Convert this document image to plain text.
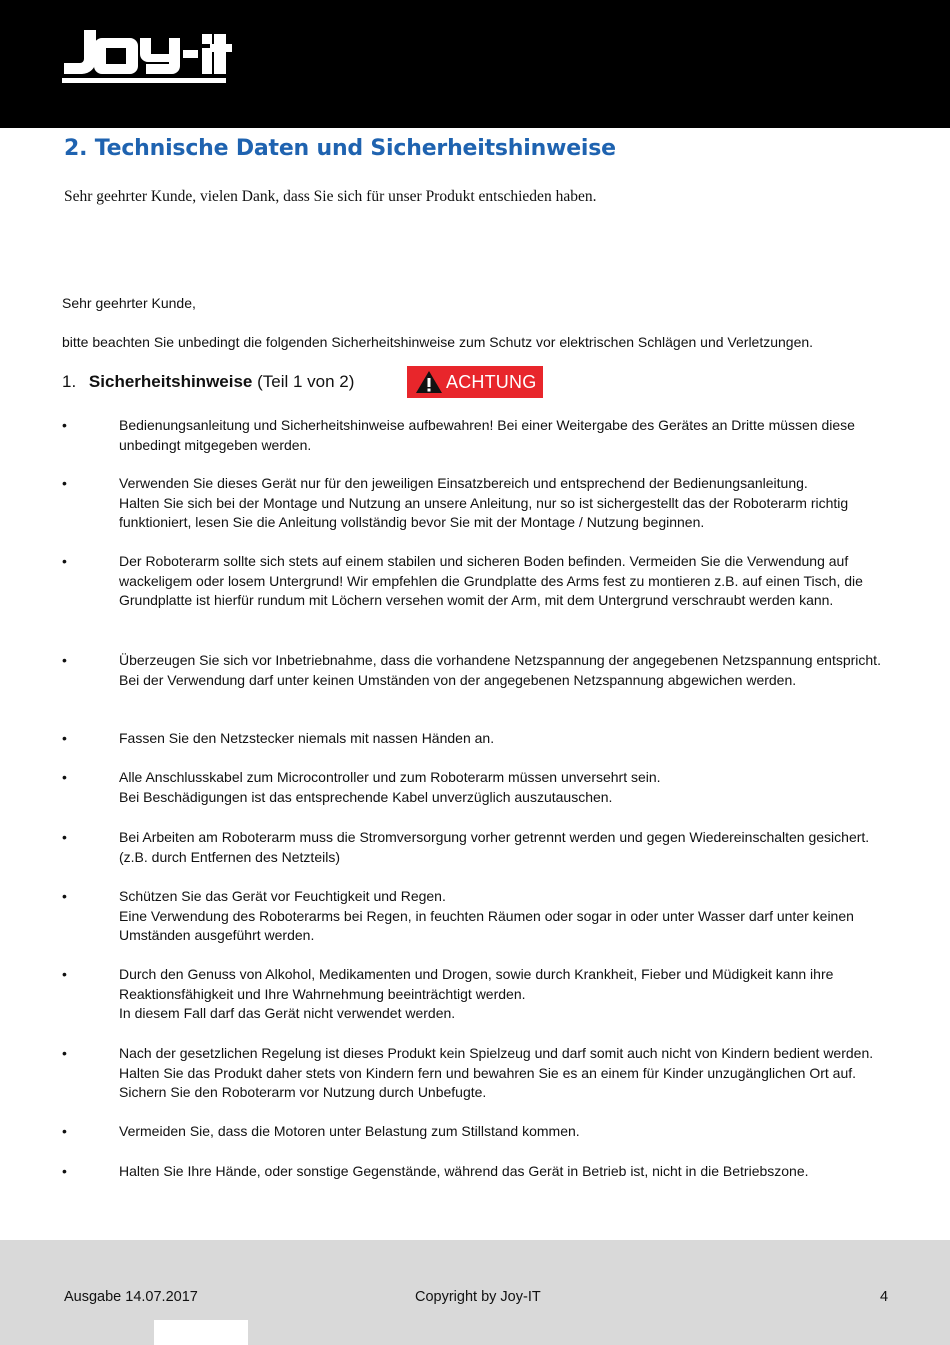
2. Technische Daten und Sicherheitshinweise
Sehr geehrter Kunde, vielen Dank, dass Sie sich für unser Produkt entschieden haben.
Sehr geehrter Kunde,
bitte beachten Sie unbedingt die folgenden Sicherheitshinweise zum Schutz vor elektrischen Schlägen und Verletzungen.
1. Sicherheitshinweise (Teil 1 von 2)	ACHTUNG
•	Bedienungsanleitung und Sicherheitshinweise aufbewahren! Bei einer Weitergabe des Gerätes an Dritte müssen diese unbedingt mitgegeben werden.
•	Verwenden Sie dieses Gerät nur für den jeweiligen Einsatzbereich und entsprechend der Bedienungsanleitung.
Halten Sie sich bei der Montage und Nutzung an unsere Anleitung, nur so ist sichergestellt das der Roboterarm richtig funktioniert, lesen Sie die Anleitung vollständig bevor Sie mit der Montage / Nutzung beginnen.
•	Der Roboterarm sollte sich stets auf einem stabilen und sicheren Boden befinden. Vermeiden Sie die Verwendung auf wackeligem oder losem Untergrund! Wir empfehlen die Grundplatte des Arms fest zu montieren z.B. auf einen Tisch, die Grundplatte ist hierfür rundum mit Löchern versehen womit der Arm, mit dem Untergrund verschraubt werden kann.
•	Überzeugen Sie sich vor Inbetriebnahme, dass die vorhandene Netzspannung der angegebenen Netzspannung entspricht. Bei der Verwendung darf unter keinen Umständen von der angegebenen Netzspannung abgewichen werden.
•	Fassen Sie den Netzstecker niemals mit nassen Händen an.
•	Alle Anschlusskabel zum Microcontroller und zum Roboterarm müssen unversehrt sein.
Bei Beschädigungen ist das entsprechende Kabel unverzüglich auszutauschen.
•	Bei Arbeiten am Roboterarm muss die Stromversorgung vorher getrennt werden und gegen Wiedereinschalten gesichert. (z.B. durch Entfernen des Netzteils)
•	Schützen Sie das Gerät vor Feuchtigkeit und Regen.
Eine Verwendung des Roboterarms bei Regen, in feuchten Räumen oder sogar in oder unter Wasser darf unter keinen Umständen ausgeführt werden.
•	Durch den Genuss von Alkohol, Medikamenten und Drogen, sowie durch Krankheit, Fieber und Müdigkeit kann ihre Reaktionsfähigkeit und Ihre Wahrnehmung beeinträchtigt werden.
In diesem Fall darf das Gerät nicht verwendet werden.
•	Nach der gesetzlichen Regelung ist dieses Produkt kein Spielzeug und darf somit auch nicht von Kindern bedient werden. Halten Sie das Produkt daher stets von Kindern fern und bewahren Sie es an einem für Kinder unzugänglichen Ort auf. Sichern Sie den Roboterarm vor Nutzung durch Unbefugte.
•	Vermeiden Sie, dass die Motoren unter Belastung zum Stillstand kommen.
•	Halten Sie Ihre Hände, oder sonstige Gegenstände, während das Gerät in Betrieb ist, nicht in die Betriebszone.
Ausgabe 14.07.2017	Copyright by Joy-IT	4
